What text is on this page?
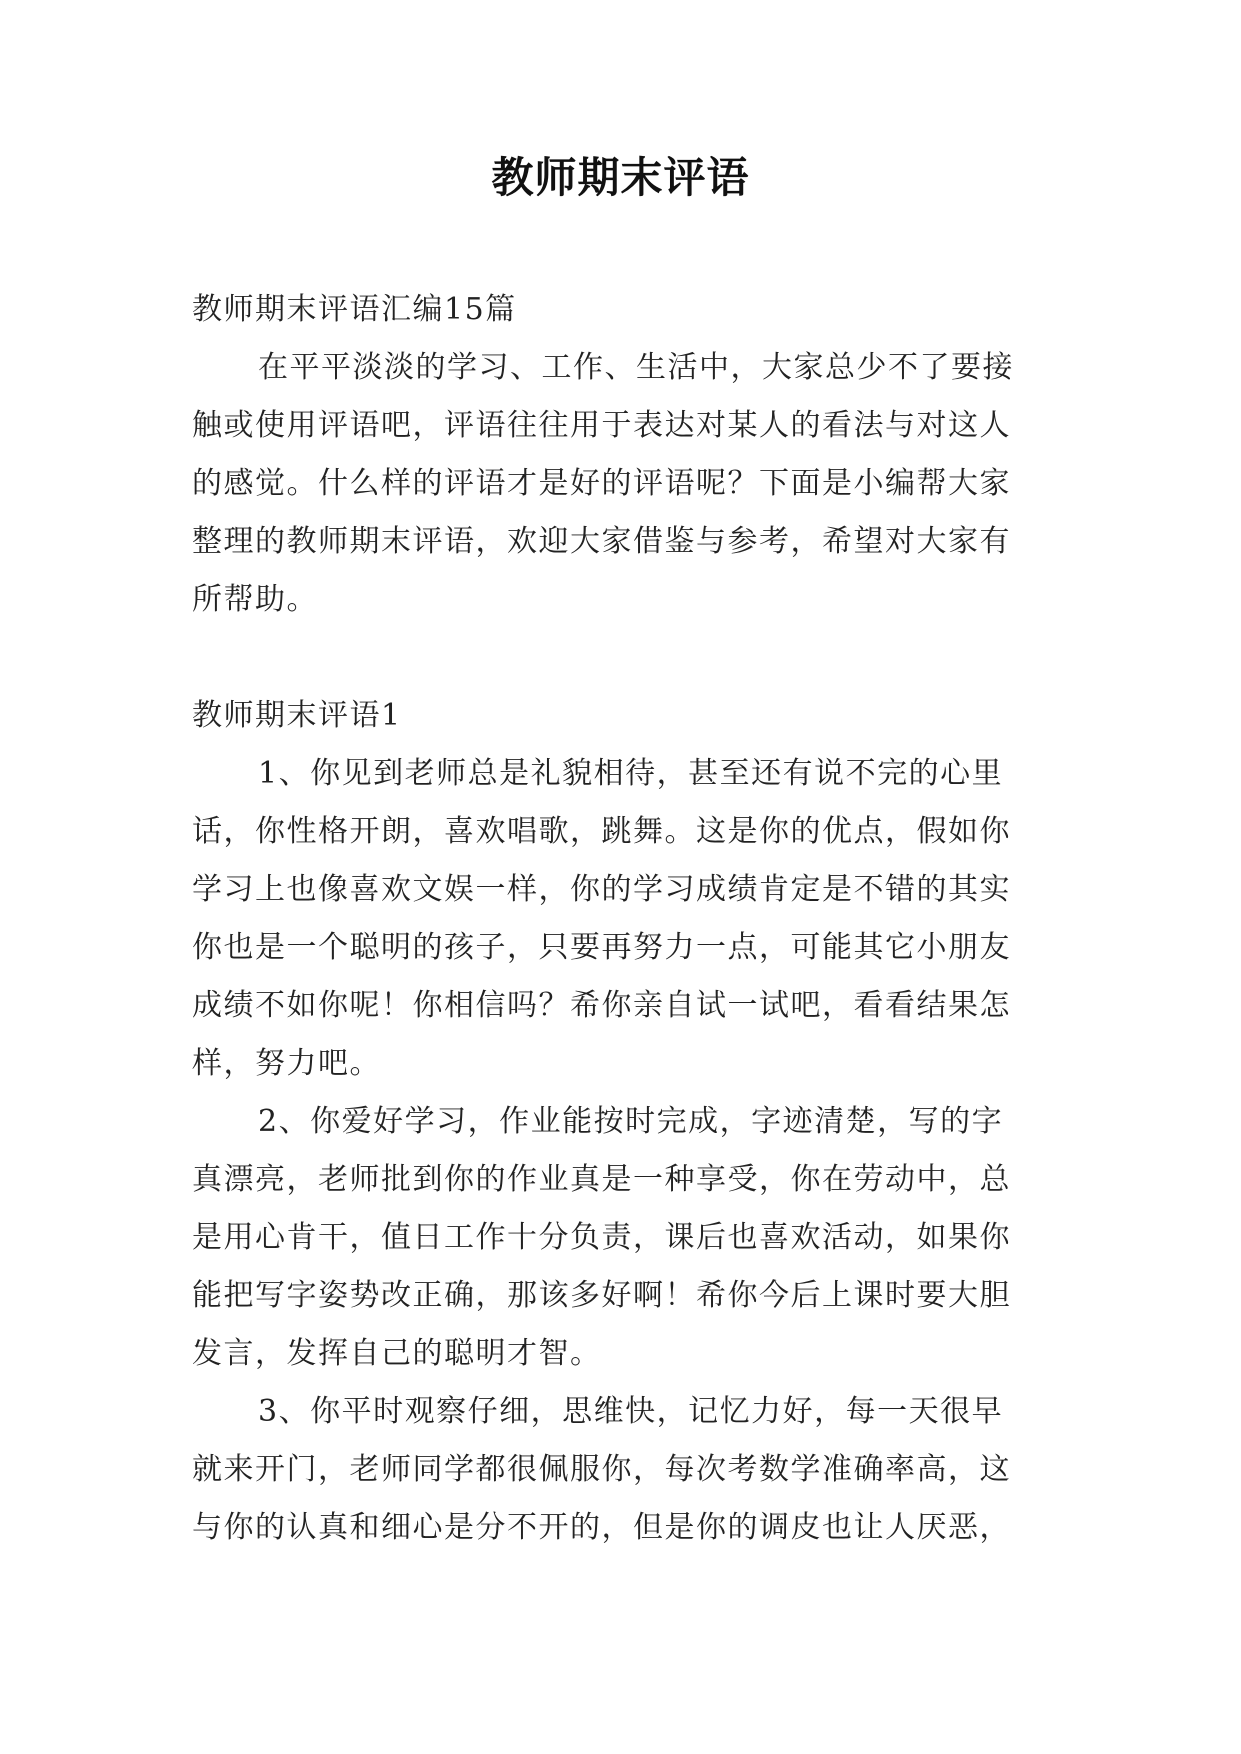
教师期末评语
教师期末评语汇编15篇
在平平淡淡的学习、工作、生活中，大家总少不了要接
触或使用评语吧，评语往往用于表达对某人的看法与对这人
的感觉。什么样的评语才是好的评语呢？下面是小编帮大家
整理的教师期末评语，欢迎大家借鉴与参考，希望对大家有
所帮助。
教师期末评语1
1、你见到老师总是礼貌相待，甚至还有说不完的心里
话，你性格开朗，喜欢唱歌，跳舞。这是你的优点，假如你
学习上也像喜欢文娱一样，你的学习成绩肯定是不错的其实
你也是一个聪明的孩子，只要再努力一点，可能其它小朋友
成绩不如你呢！你相信吗？希你亲自试一试吧，看看结果怎
样，努力吧。
2、你爱好学习，作业能按时完成，字迹清楚，写的字
真漂亮，老师批到你的作业真是一种享受，你在劳动中，总
是用心肯干，值日工作十分负责，课后也喜欢活动，如果你
能把写字姿势改正确，那该多好啊！希你今后上课时要大胆
发言，发挥自己的聪明才智。
3、你平时观察仔细，思维快，记忆力好，每一天很早
就来开门，老师同学都很佩服你，每次考数学准确率高，这
与你的认真和细心是分不开的，但是你的调皮也让人厌恶，
